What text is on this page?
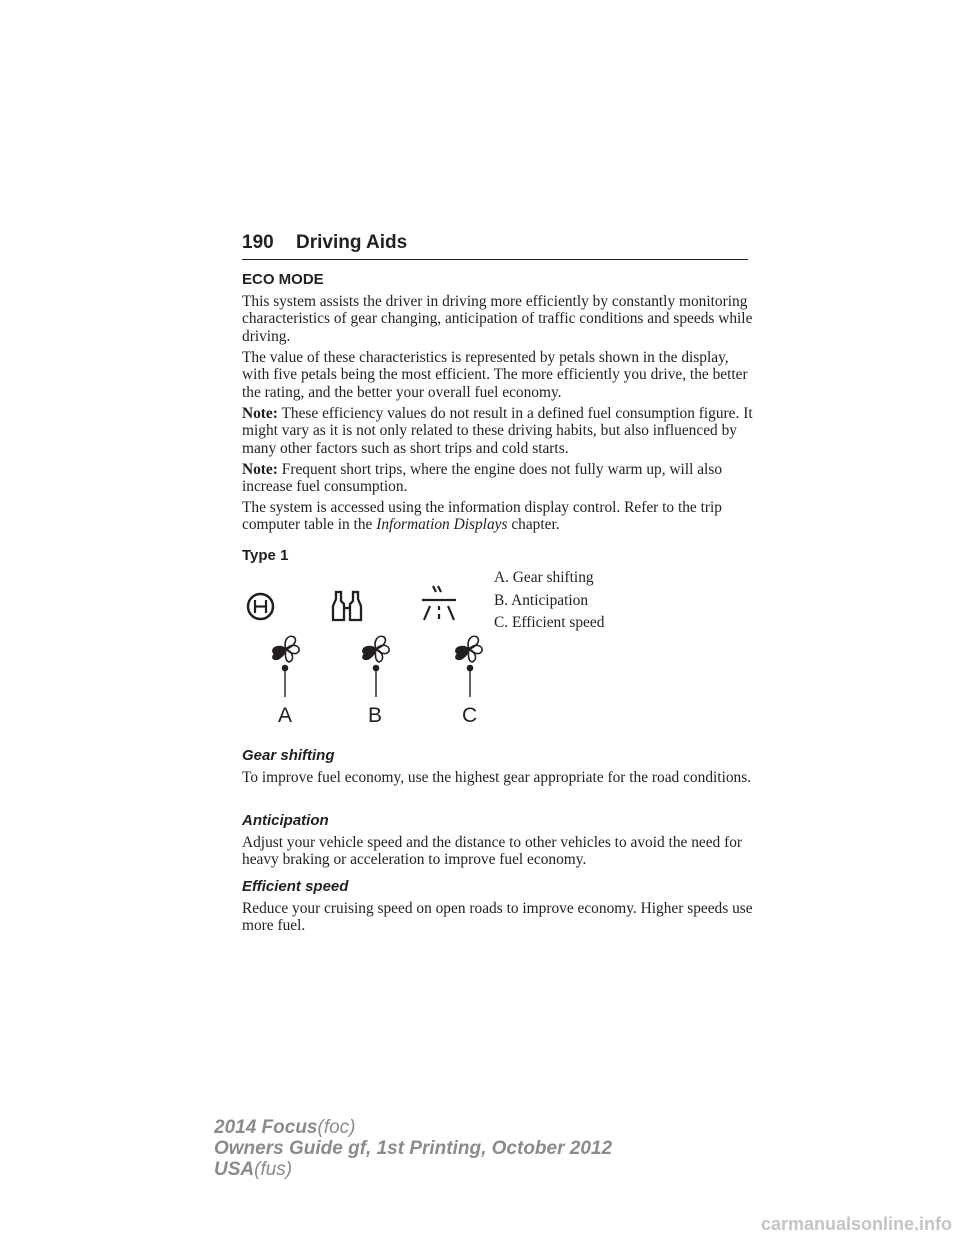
190 Driving Aids
ECO MODE
This system assists the driver in driving more efficiently by constantly monitoring characteristics of gear changing, anticipation of traffic conditions and speeds while driving.
The value of these characteristics is represented by petals shown in the display, with five petals being the most efficient. The more efficiently you drive, the better the rating, and the better your overall fuel economy.
Note: These efficiency values do not result in a defined fuel consumption figure. It might vary as it is not only related to these driving habits, but also influenced by many other factors such as short trips and cold starts.
Note: Frequent short trips, where the engine does not fully warm up, will also increase fuel consumption.
The system is accessed using the information display control. Refer to the trip computer table in the Information Displays chapter.
Type 1
A. Gear shifting
B. Anticipation
C. Efficient speed
A	B	C
Gear shifting
To improve fuel economy, use the highest gear appropriate for the road conditions.
Anticipation
Adjust your vehicle speed and the distance to other vehicles to avoid the need for heavy braking or acceleration to improve fuel economy.
Efficient speed
Reduce your cruising speed on open roads to improve economy. Higher speeds use more fuel.
2014 Focus(foc)
Owners Guide gf, 1st Printing, October 2012
USA(fus)
carmanualsonline.info
